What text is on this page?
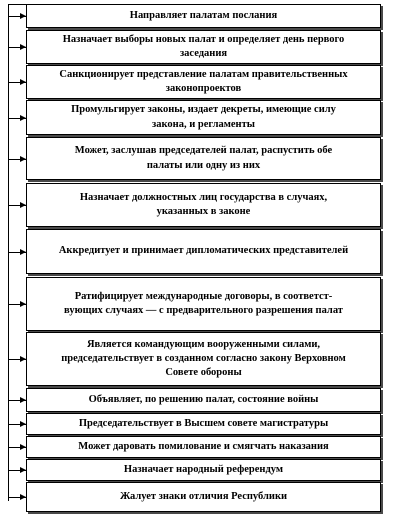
Направляет палатам послания
Назначает выборы новых палат и определяет день первого
заседания
Санкционирует представление палатам правительственных
законопроектов
Промульгирует законы, издает декреты, имеющие силу
закона, и регламенты
Может, заслушав председателей палат, распустить обе
палаты или одну из них
Назначает должностных лиц государства в случаях,
указанных в законе
Аккредитует и принимает дипломатических представителей
Ратифицирует международные договоры, в соответст-
вующих случаях — с предварительного разрешения палат
Является командующим вооруженными силами,
председательствует в созданном согласно закону Верховном
Совете обороны
Объявляет, по решению палат, состояние войны
Председательствует в Высшем совете магистратуры
Может даровать помилование и смягчать наказания
Назначает народный референдум
Жалует знаки отличия Республики
